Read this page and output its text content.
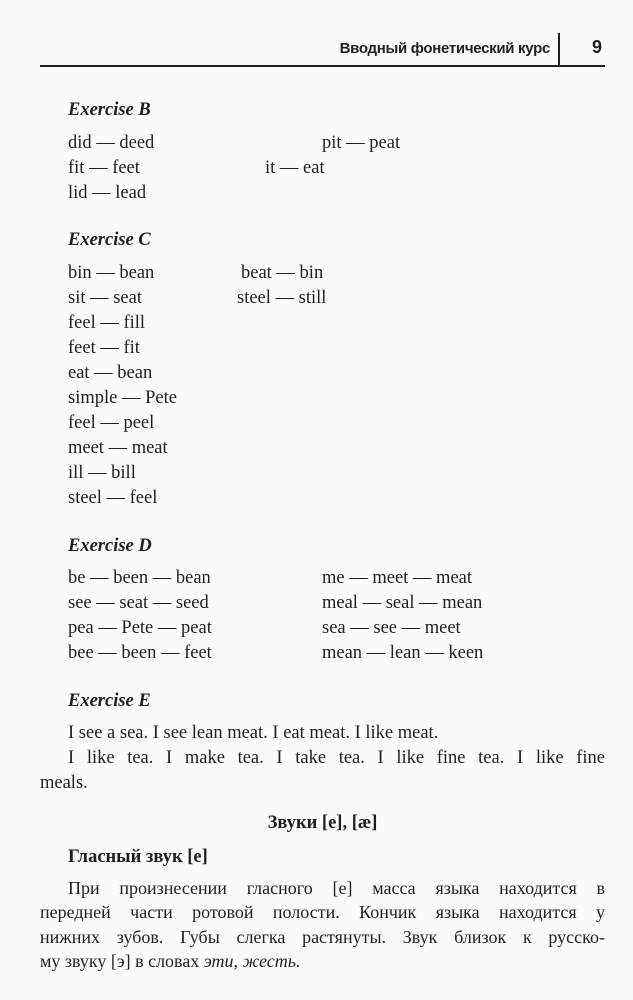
Вводный фонетический курс 9
Exercise B
did — deed
fit — feet
lid — lead
it — eat
pit — peat
Exercise C
bin — bean
sit — seat
feel — fill
feet — fit
eat — bean
simple — Pete
feel — peel
meet — meat
ill — bill
steel — feel
beat — bin
steel — still
Exercise D
be — been — bean
see — seat — seed
pea — Pete — peat
bee — been — feet
me — meet — meat
meal — seal — mean
sea — see — meet
mean — lean — keen
Exercise E
I see a sea. I see lean meat. I eat meat. I like meat.
I like tea. I make tea. I take tea. I like fine tea. I like fine
meals.
Звуки [e], [æ]
Гласный звук [e]
При произнесении гласного [e] масса языка находится в
передней части ротовой полости. Кончик языка находится у
нижних зубов. Губы слегка растянуты. Звук близок к русско-
му звуку [э] в словах эти, жесть.
